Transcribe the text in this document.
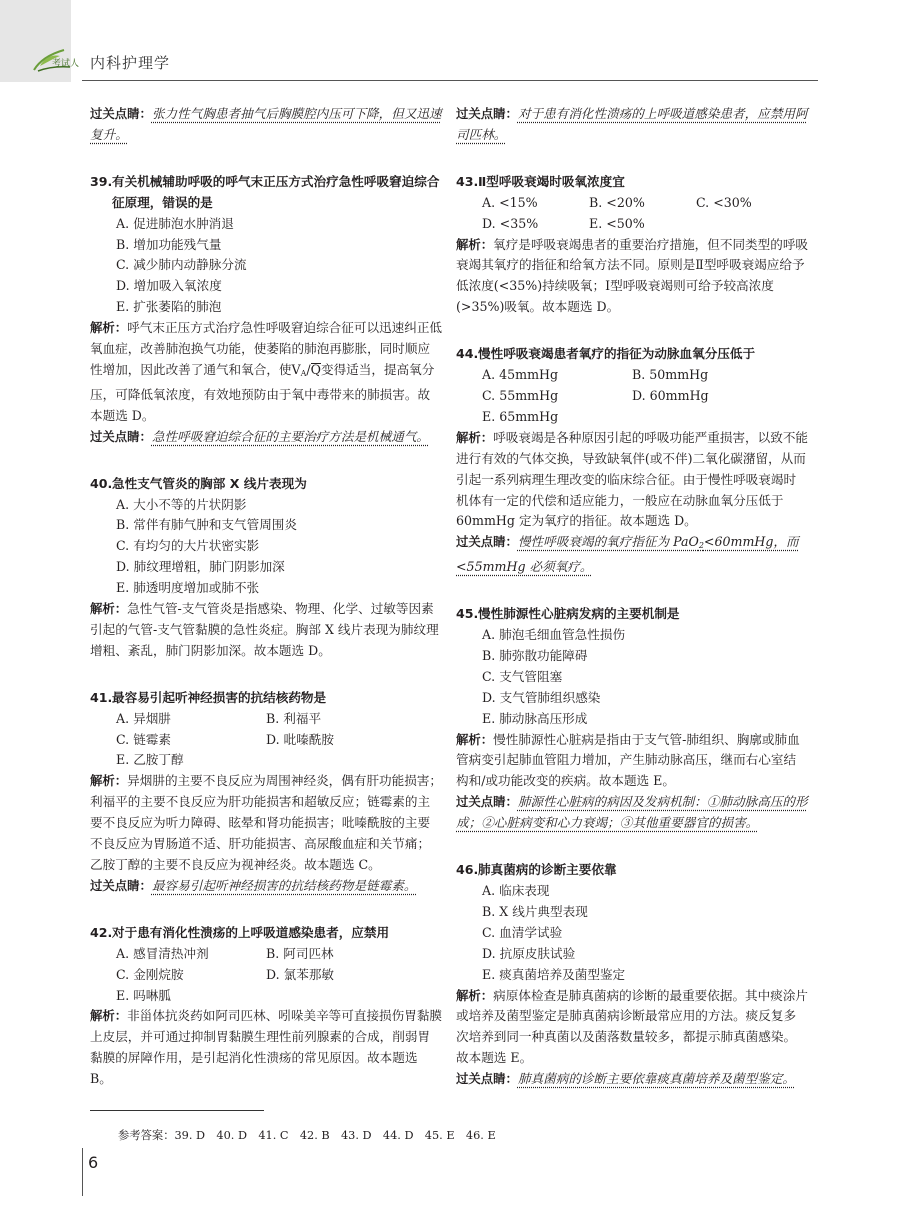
考试人 内科护理学
过关点睛：张力性气胸患者抽气后胸膜腔内压可下降，但又迅速复升。
39.有关机械辅助呼吸的呼气末正压方式治疗急性呼吸窘迫综合征原理，错误的是
A. 促进肺泡水肿消退
B. 增加功能残气量
C. 减少肺内动静脉分流
D. 增加吸入氧浓度
E. 扩张萎陷的肺泡
解析：呼气末正压方式治疗急性呼吸窘迫综合征可以迅速纠正低氧血症，改善肺泡换气功能，使萎陷的肺泡再膨胀，同时顺应性增加，因此改善了通气和氧合，使$V_A/Q$变得适当，提高氧分压，可降低氧浓度，有效地预防由于氧中毒带来的肺损害。故本题选 D。
过关点睛：急性呼吸窘迫综合征的主要治疗方法是机械通气。
40.急性支气管炎的胸部 X 线片表现为
A. 大小不等的片状阴影
B. 常伴有肺气肿和支气管周围炎
C. 有均匀的大片状密实影
D. 肺纹理增粗，肺门阴影加深
E. 肺透明度增加或肺不张
解析：急性气管-支气管炎是指感染、物理、化学、过敏等因素引起的气管-支气管黏膜的急性炎症。胸部 X 线片表现为肺纹理增粗、紊乱，肺门阴影加深。故本题选 D。
41.最容易引起听神经损害的抗结核药物是
A. 异烟肼	B. 利福平
C. 链霉素	D. 吡嗪酰胺
E. 乙胺丁醇
解析：异烟肼的主要不良反应为周围神经炎，偶有肝功能损害；利福平的主要不良反应为肝功能损害和超敏反应；链霉素的主要不良反应为听力障碍、眩晕和肾功能损害；吡嗪酰胺的主要不良反应为胃肠道不适、肝功能损害、高尿酸血症和关节痛；乙胺丁醇的主要不良反应为视神经炎。故本题选 C。
过关点睛：最容易引起听神经损害的抗结核药物是链霉素。
42.对于患有消化性溃疡的上呼吸道感染患者，应禁用
A. 感冒清热冲剂	B. 阿司匹林
C. 金刚烷胺	D. 氯苯那敏
E. 吗啉胍
解析：非甾体抗炎药如阿司匹林、吲哚美辛等可直接损伤胃黏膜上皮层，并可通过抑制胃黏膜生理性前列腺素的合成，削弱胃黏膜的屏障作用，是引起消化性溃疡的常见原因。故本题选 B。
过关点睛：对于患有消化性溃疡的上呼吸道感染患者，应禁用阿司匹林。
43.Ⅱ型呼吸衰竭时吸氧浓度宜
A. <15%	B. <20%	C. <30%
D. <35%	E. <50%
解析：氧疗是呼吸衰竭患者的重要治疗措施，但不同类型的呼吸衰竭其氧疗的指征和给氧方法不同。原则是Ⅱ型呼吸衰竭应给予低浓度(<35%)持续吸氧；Ⅰ型呼吸衰竭则可给予较高浓度(>35%)吸氧。故本题选 D。
44.慢性呼吸衰竭患者氧疗的指征为动脉血氧分压低于
A. 45mmHg	B. 50mmHg
C. 55mmHg	D. 60mmHg
E. 65mmHg
解析：呼吸衰竭是各种原因引起的呼吸功能严重损害，以致不能进行有效的气体交换，导致缺氧伴(或不伴)二氧化碳潴留，从而引起一系列病理生理改变的临床综合征。由于慢性呼吸衰竭时机体有一定的代偿和适应能力，一般应在动脉血氧分压低于 60mmHg 定为氧疗的指征。故本题选 D。
过关点睛：慢性呼吸衰竭的氧疗指征为 PaO$_2$<60mmHg，而<55mmHg 必须氧疗。
45.慢性肺源性心脏病发病的主要机制是
A. 肺泡毛细血管急性损伤
B. 肺弥散功能障碍
C. 支气管阻塞
D. 支气管肺组织感染
E. 肺动脉高压形成
解析：慢性肺源性心脏病是指由于支气管-肺组织、胸廓或肺血管病变引起肺血管阻力增加，产生肺动脉高压，继而右心室结构和/或功能改变的疾病。故本题选 E。
过关点睛：肺源性心脏病的病因及发病机制：①肺动脉高压的形成；②心脏病变和心力衰竭；③其他重要器官的损害。
46.肺真菌病的诊断主要依靠
A. 临床表现
B. X 线片典型表现
C. 血清学试验
D. 抗原皮肤试验
E. 痰真菌培养及菌型鉴定
解析：病原体检查是肺真菌病的诊断的最重要依据。其中痰涂片或培养及菌型鉴定是肺真菌病诊断最常应用的方法。痰反复多次培养到同一种真菌以及菌落数量较多，都提示肺真菌感染。故本题选 E。
过关点睛：肺真菌病的诊断主要依靠痰真菌培养及菌型鉴定。
参考答案：39. D　40. D　41. C　42. B　43. D　44. D　45. E　46. E
6
